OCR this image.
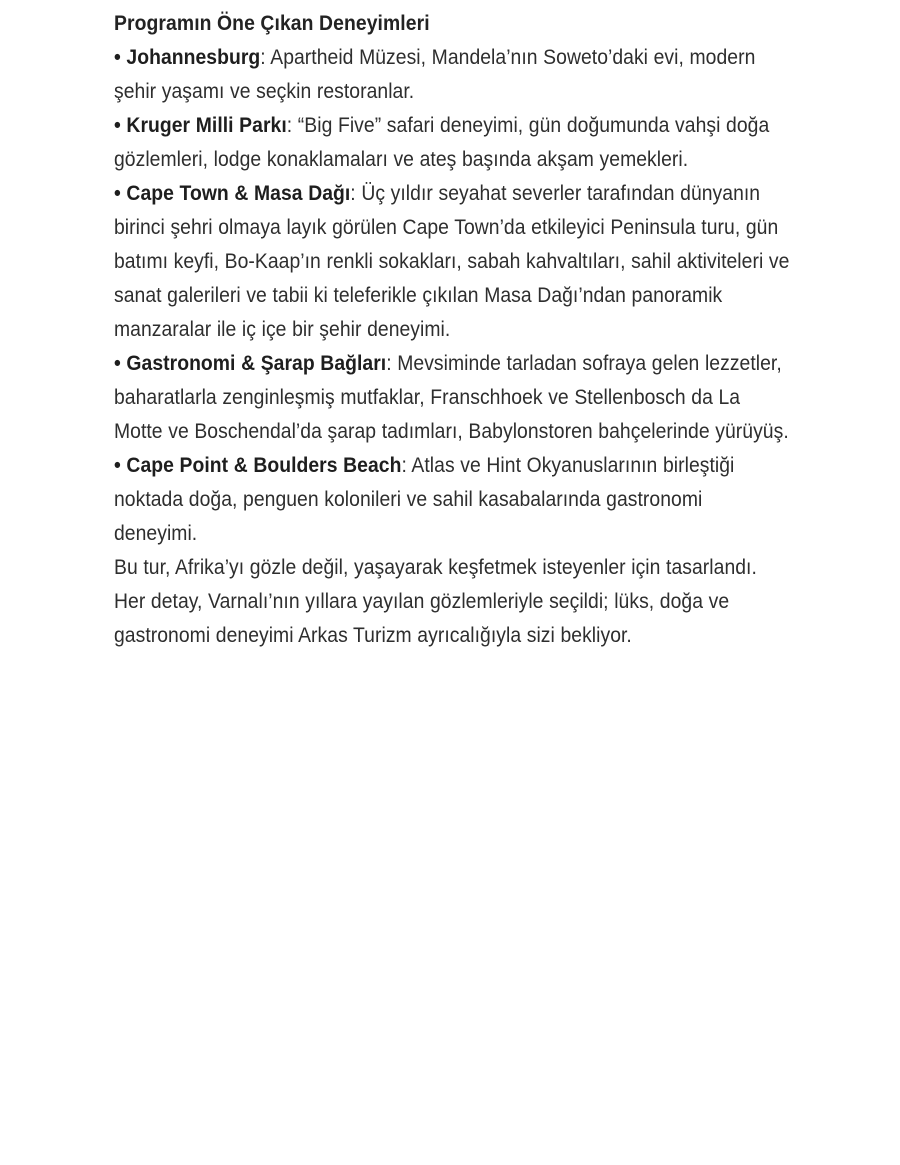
Programın Öne Çıkan Deneyimleri

• Johannesburg: Apartheid Müzesi, Mandela’nın Soweto’daki evi, modern şehir yaşamı ve seçkin restoranlar.

• Kruger Milli Parkı: “Big Five” safari deneyimi, gün doğumunda vahşi doğa gözlemleri, lodge konaklamaları ve ateş başında akşam yemekleri.

• Cape Town & Masa Dağı: Üç yıldır seyahat severler tarafından dünyanın birinci şehri olmaya layık görülen Cape Town’da etkileyici Peninsula turu, gün batımı keyfi, Bo-Kaap’ın renkli sokakları, sabah kahvaltıları, sahil aktiviteleri ve sanat galerileri ve tabii ki teleferikle çıkılan Masa Dağı’ndan panoramik manzaralar ile iç içe bir şehir deneyimi.

• Gastronomi & Şarap Bağları: Mevsiminde tarladan sofraya gelen lezzetler, baharatlarla zenginleşmiş mutfaklar, Franschhoek ve Stellenbosch da La Motte ve Boschendal’da şarap tadımları, Babylonstoren bahçelerinde yürüyüş.

• Cape Point & Boulders Beach: Atlas ve Hint Okyanuslarının birleştiği noktada doğa, penguen kolonileri ve sahil kasabalarında gastronomi deneyimi.

Bu tur, Afrika’yı gözle değil, yaşayarak keşfetmek isteyenler için tasarlandı. Her detay, Varnalı’nın yıllara yayılan gözlemleriyle seçildi; lüks, doğa ve gastronomi deneyimi Arkas Turizm ayrıcalığıyla sizi bekliyor.
